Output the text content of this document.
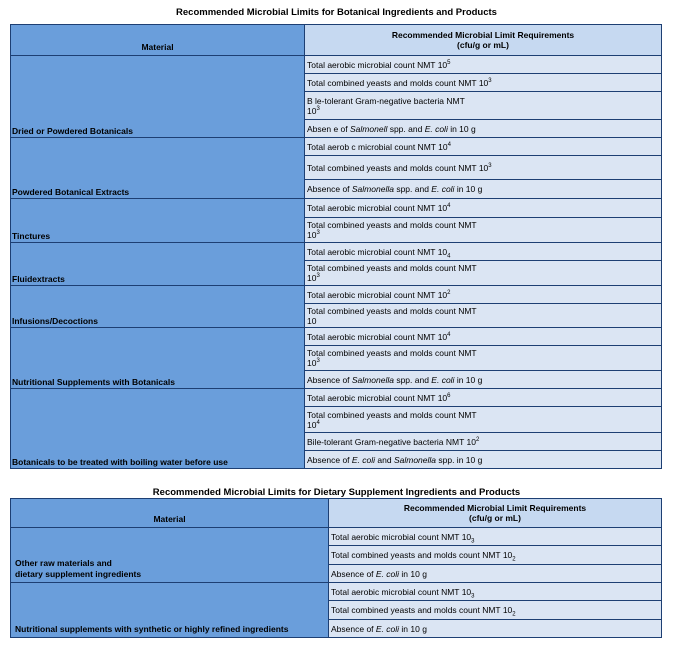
Recommended Microbial Limits for Botanical Ingredients and Products
Material	Recommended Microbial Limit Requirements
(cfu/g or mL)

Dried or Powdered Botanicals	Total aerobic microbial count NMT $10^5$
	Total combined yeasts and molds count NMT $10^3$
	B le-tolerant Gram-negative bacteria NMT
$10^3$
	Absen e of Salmonell spp. and E. coli in 10 g
Powdered Botanical Extracts	Total aerob c microbial count NMT $10^4$
	Total combined yeasts and molds count NMT $10^3$
	Absence of Salmonella spp. and E. coli in 10 g
Tinctures	Total aerobic microbial count NMT $10^4$
	Total combined yeasts and molds count NMT
$10^3$
Fluidextracts	Total aerobic microbial count NMT $10_4$
	Total combined yeasts and molds count NMT
$10^3$
Infusions/Decoctions	Total aerobic microbial count NMT $10^2$
	Total combined yeasts and molds count NMT
10
Nutritional Supplements with Botanicals	Total aerobic microbial count NMT $10^4$
	Total combined yeasts and molds count NMT
$10^3$
	Absence of Salmonella spp. and E. coli in 10 g
Botanicals to be treated with boiling water before use	Total aerobic microbial count NMT $10^6$
	Total combined yeasts and molds count NMT
$10^4$
	Bile-tolerant Gram-negative bacteria NMT $10^2$
	Absence of E. coli and Salmonella spp. in 10 g
Recommended Microbial Limits for Dietary Supplement Ingredients and Products
Material	Recommended Microbial Limit Requirements
(cfu/g or mL)

Other raw materials and
dietary supplement ingredients	Total aerobic microbial count NMT $10_3$
	Total combined yeasts and molds count NMT $10_2$
	Absence of E. coli in 10 g
Nutritional supplements with synthetic or highly refined ingredients	Total aerobic microbial count NMT $10_3$
	Total combined yeasts and molds count NMT $10_2$
	Absence of E. coli in 10 g
